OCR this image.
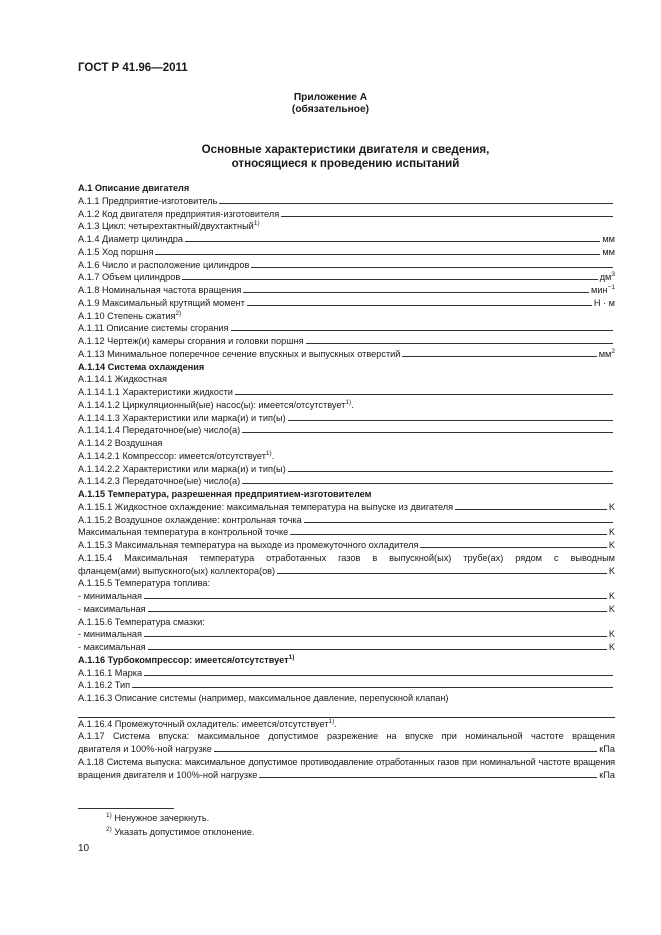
ГОСТ Р 41.96—2011
Приложение А
(обязательное)
Основные характеристики двигателя и сведения,
относящиеся к проведению испытаний
A.1 Описание двигателя
A.1.1 Предприятие-изготовитель
A.1.2 Код двигателя предприятия-изготовителя
A.1.3 Цикл: четырехтактный/двухтактный$^{1)}$
A.1.4 Диаметр цилиндра	мм
A.1.5 Ход поршня	мм
A.1.6 Число и расположение цилиндров
A.1.7 Объем цилиндров	$дм^3$
A.1.8 Номинальная частота вращения	мин$^{-1}$
A.1.9 Максимальный крутящий момент	Н · м
A.1.10 Степень сжатия$^{2)}$
A.1.11 Описание системы сгорания
A.1.12 Чертеж(и) камеры сгорания и головки поршня
A.1.13 Минимальное поперечное сечение впускных и выпускных отверстий	$мм^2$
A.1.14 Система охлаждения
A.1.14.1 Жидкостная
A.1.14.1.1 Характеристики жидкости
A.1.14.1.2 Циркуляционный(ые) насос(ы): имеется/отсутствует$^{1)}$.
A.1.14.1.3 Характеристики или марка(и) и тип(ы)
A.1.14.1.4 Передаточное(ые) число(а)
A.1.14.2 Воздушная
A.1.14.2.1 Компрессор: имеется/отсутствует$^{1)}$.
A.1.14.2.2 Характеристики или марка(и) и тип(ы)
A.1.14.2.3 Передаточное(ые) число(а)
A.1.15 Температура, разрешенная предприятием-изготовителем
A.1.15.1 Жидкостное охлаждение: максимальная температура на выпуске из двигателя	K
A.1.15.2 Воздушное охлаждение: контрольная точка
Максимальная температура в контрольной точке	K
A.1.15.3 Максимальная температура на выходе из промежуточного охладителя	K
A.1.15.4 Максимальная температура отработанных газов в выпускной(ых) трубе(ах) рядом с выводным
фланцем(ами) выпускного(ых) коллектора(ов)	K
A.1.15.5 Температура топлива:
- минимальная	K
- максимальная	K
A.1.15.6 Температура смазки:
- минимальная	K
- максимальная	K
A.1.16 Турбокомпрессор: имеется/отсутствует$^{1)}$
A.1.16.1 Марка
A.1.16.2 Тип
A.1.16.3 Описание системы (например, максимальное давление, перепускной клапан)
A.1.16.4 Промежуточный охладитель: имеется/отсутствует$^{1)}$.
A.1.17 Система впуска: максимальное допустимое разрежение на впуске при номинальной частоте вращения
двигателя и 100%-ной нагрузке	кПа
A.1.18 Система выпуска: максимальное допустимое противодавление отработанных газов при номинальной частоте вращения
вращения двигателя и 100%-ной нагрузке	кПа
$^{1)}$ Ненужное зачеркнуть.
$^{2)}$ Указать допустимое отклонение.
10
